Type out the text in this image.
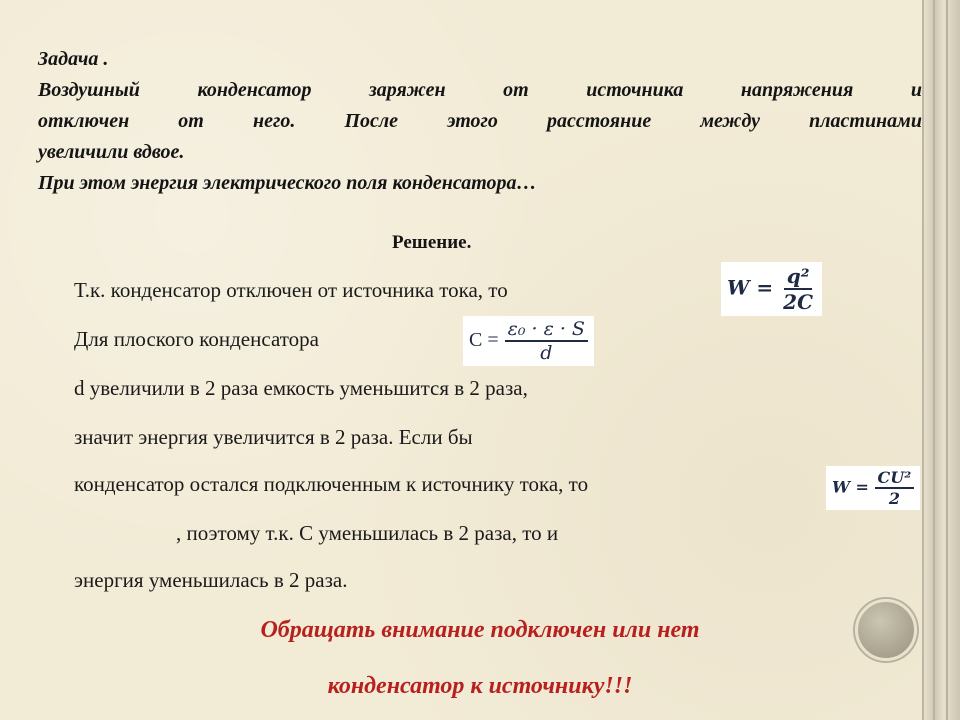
Задача .
Воздушный конденсатор заряжен от источника напряжения и
отключен от него. После этого расстояние между пластинами
увеличили вдвое.
При этом энергия электрического поля конденсатора…
Решение.
Т.к. конденсатор отключен от источника тока, то
Для плоского конденсатора
d увеличили в 2 раза емкость уменьшится в 2 раза,
значит энергия увеличится в 2 раза. Если бы
конденсатор остался подключенным к источнику тока, то
, поэтому т.к. С уменьшилась в 2 раза, то и
энергия уменьшилась в 2 раза.
$W = \frac{\text{q²}}{2C}$
$С = \frac{\text{ε₀ · ε · S}}{d}$
$W = \frac{\text{CU²}}{2}$
Обращать внимание подключен или нет
конденсатор к источнику!!!
